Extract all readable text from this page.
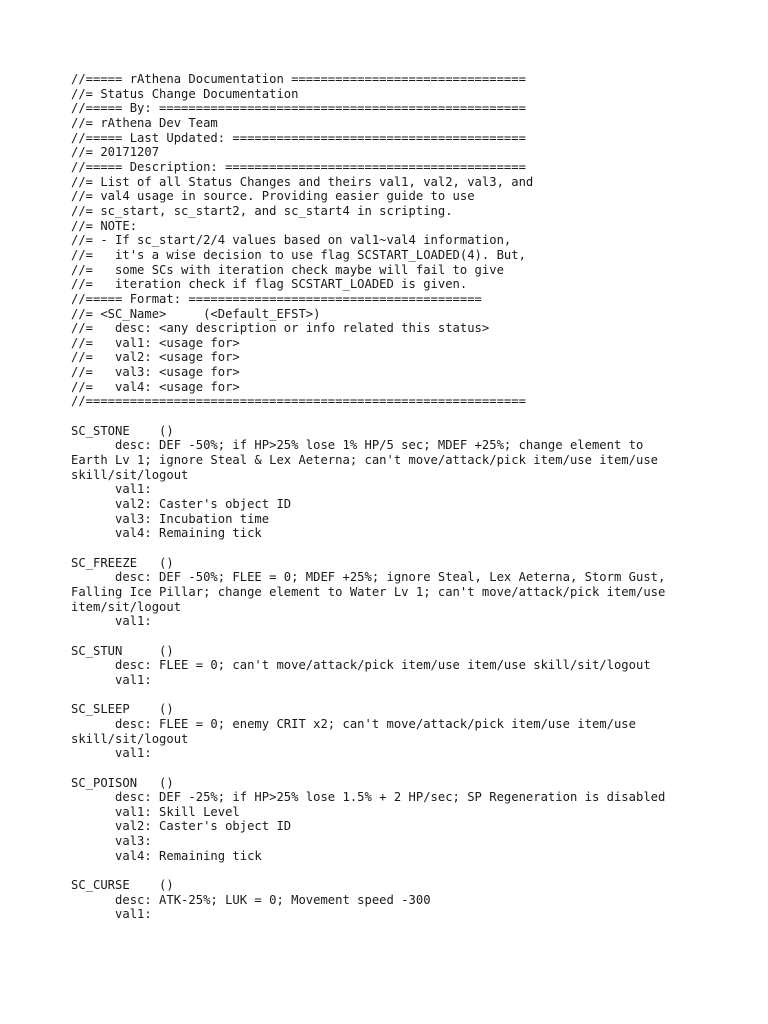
//===== rAthena Documentation ================================
//= Status Change Documentation
//===== By: ==================================================
//= rAthena Dev Team
//===== Last Updated: ========================================
//= 20171207
//===== Description: =========================================
//= List of all Status Changes and theirs val1, val2, val3, and
//= val4 usage in source. Providing easier guide to use
//= sc_start, sc_start2, and sc_start4 in scripting.
//= NOTE:
//= - If sc_start/2/4 values based on val1~val4 information,
//=   it's a wise decision to use flag SCSTART_LOADED(4). But,
//=   some SCs with iteration check maybe will fail to give
//=   iteration check if flag SCSTART_LOADED is given.
//===== Format: ========================================
//= <SC_Name>     (<Default_EFST>)
//=   desc: <any description or info related this status>
//=   val1: <usage for>
//=   val2: <usage for>
//=   val3: <usage for>
//=   val4: <usage for>
//============================================================

SC_STONE    ()
desc: DEF -50%; if HP>25% lose 1% HP/5 sec; MDEF +25%; change element to
Earth Lv 1; ignore Steal & Lex Aeterna; can't move/attack/pick item/use item/use
skill/sit/logout
val1:
val2: Caster's object ID
val3: Incubation time
val4: Remaining tick

SC_FREEZE   ()
desc: DEF -50%; FLEE = 0; MDEF +25%; ignore Steal, Lex Aeterna, Storm Gust,
Falling Ice Pillar; change element to Water Lv 1; can't move/attack/pick item/use
item/sit/logout
val1:

SC_STUN     ()
desc: FLEE = 0; can't move/attack/pick item/use item/use skill/sit/logout
val1:

SC_SLEEP    ()
desc: FLEE = 0; enemy CRIT x2; can't move/attack/pick item/use item/use
skill/sit/logout
val1:

SC_POISON   ()
desc: DEF -25%; if HP>25% lose 1.5% + 2 HP/sec; SP Regeneration is disabled
val1: Skill Level
val2: Caster's object ID
val3:
val4: Remaining tick

SC_CURSE    ()
desc: ATK-25%; LUK = 0; Movement speed -300
val1:
